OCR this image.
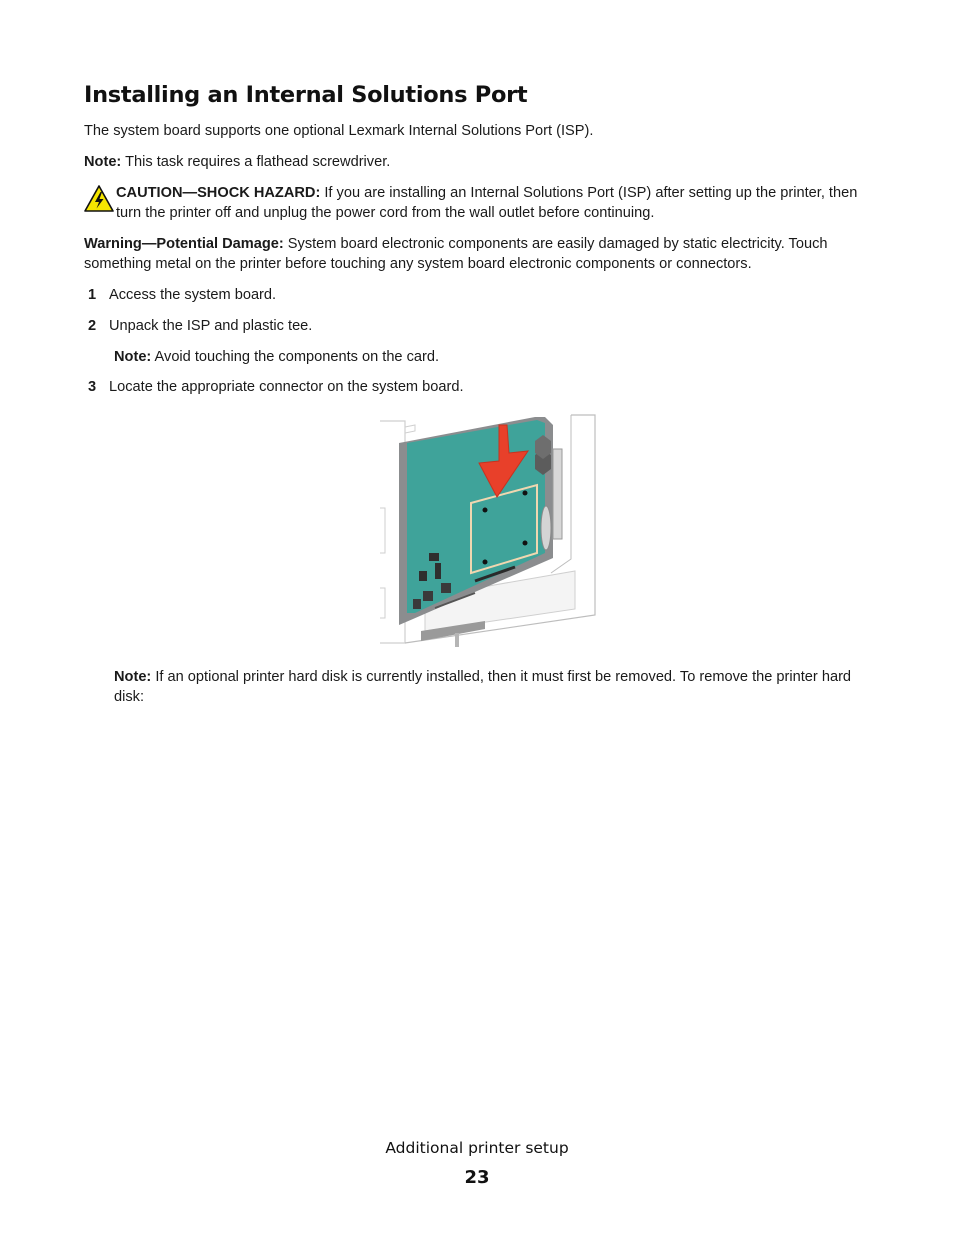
Installing an Internal Solutions Port

The system board supports one optional Lexmark Internal Solutions Port (ISP).

Note: This task requires a flathead screwdriver.

CAUTION—SHOCK HAZARD: If you are installing an Internal Solutions Port (ISP) after setting up the printer, then turn the printer off and unplug the power cord from the wall outlet before continuing.

Warning—Potential Damage: System board electronic components are easily damaged by static electricity. Touch something metal on the printer before touching any system board electronic components or connectors.

1 Access the system board.
2 Unpack the ISP and plastic tee.

Note: Avoid touching the components on the card.

3 Locate the appropriate connector on the system board.

Note: If an optional printer hard disk is currently installed, then it must first be removed. To remove the printer hard disk:

Additional printer setup
23
